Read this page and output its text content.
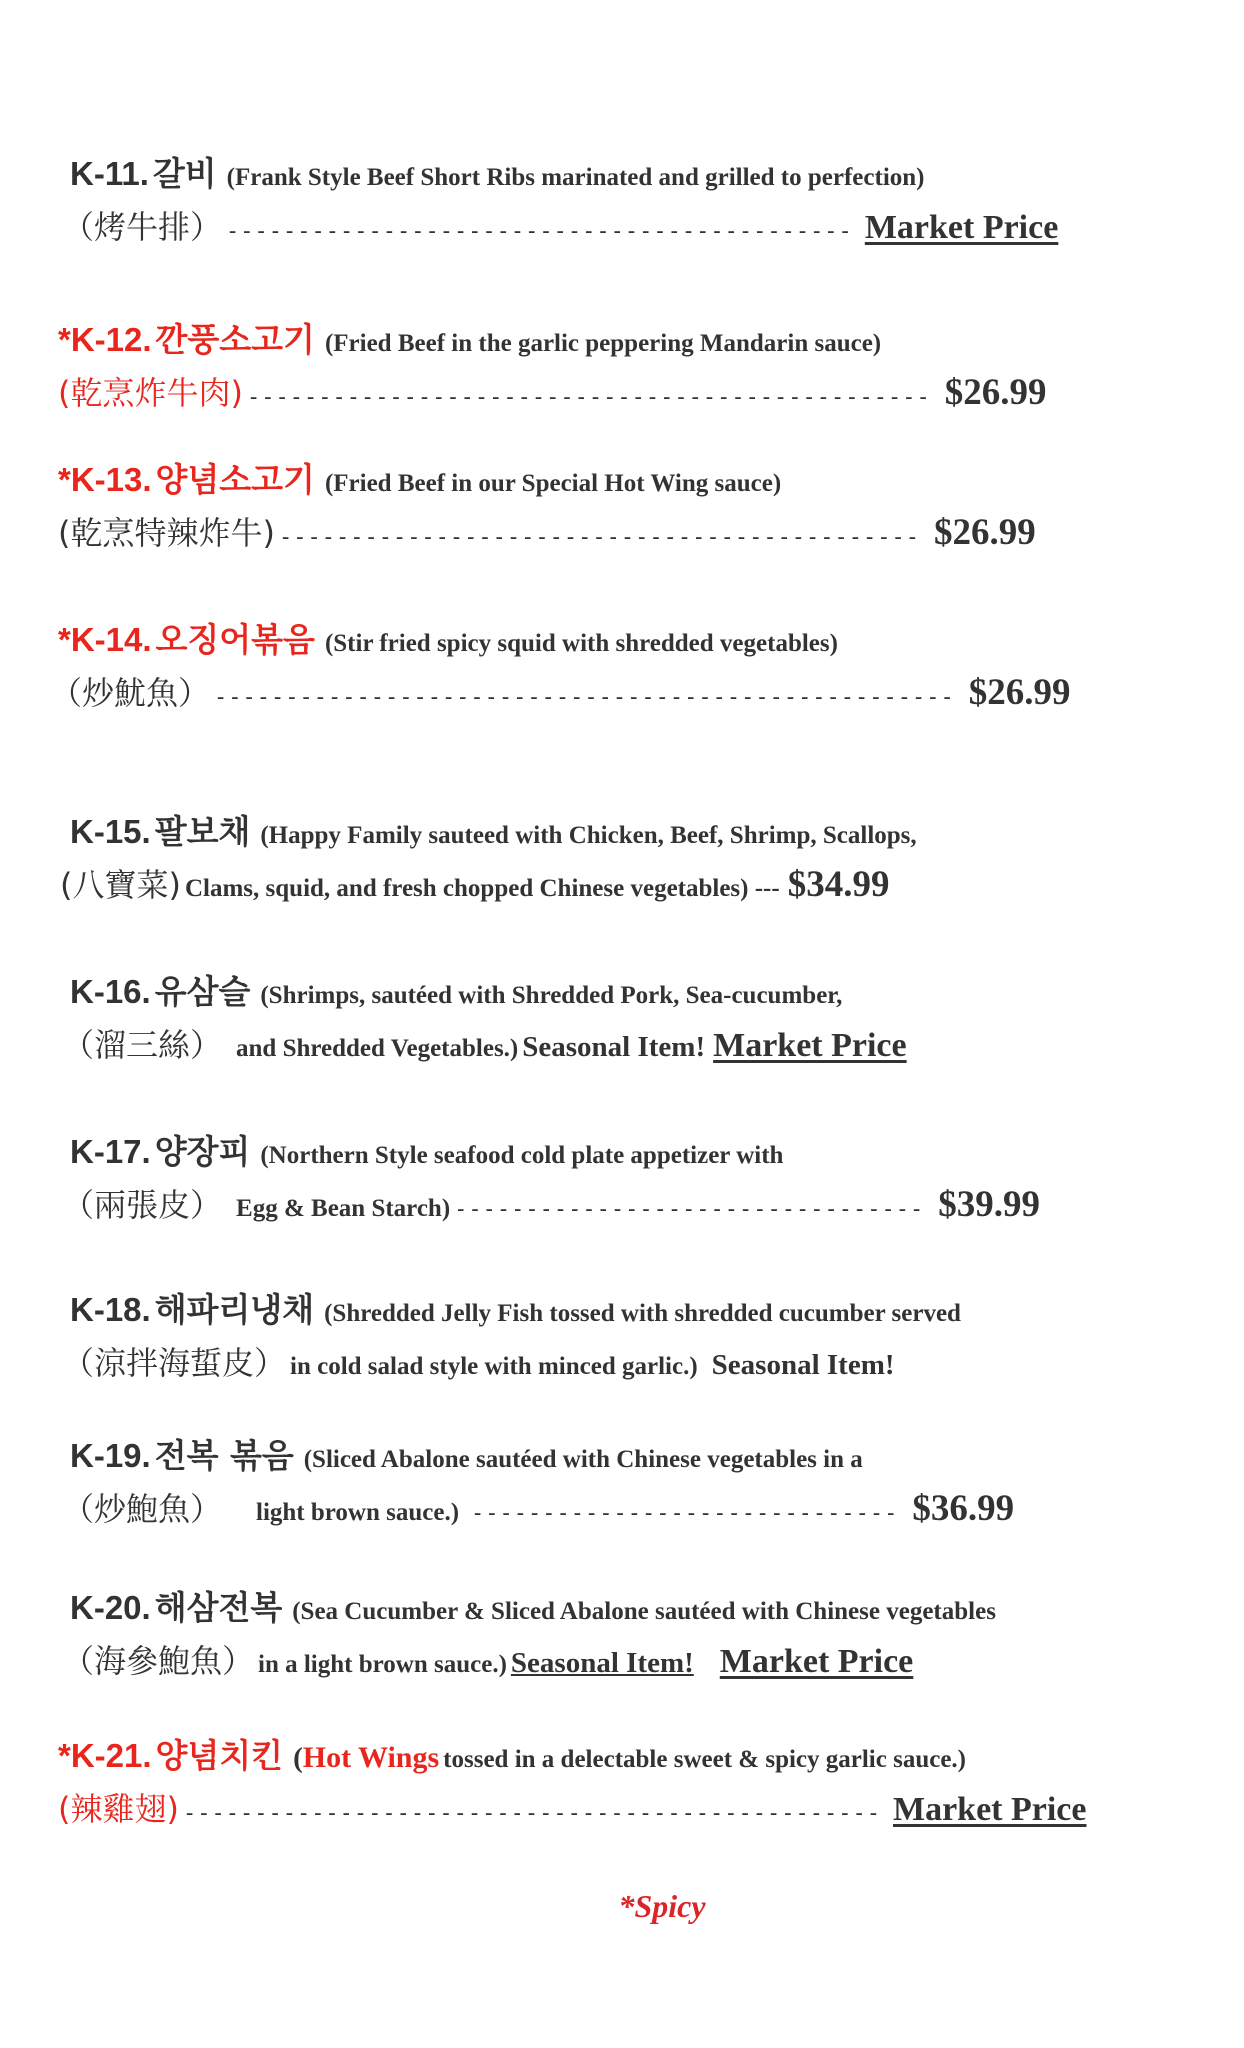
K-11. 갈비 (Frank Style Beef Short Ribs marinated and grilled to perfection)
（烤牛排） -------------------------------------------- Market Price
*K-12. 깐풍소고기 (Fried Beef in the garlic peppering Mandarin sauce)
(乾烹炸牛肉) ------------------------------------------------ $26.99
*K-13. 양념소고기 (Fried Beef in our Special Hot Wing sauce)
(乾烹特辣炸牛) --------------------------------------------- $26.99
*K-14. 오징어볶음 (Stir fried spicy squid with shredded vegetables)
（炒魷魚） ---------------------------------------------------- $26.99
K-15. 팔보채 (Happy Family sauteed with Chicken, Beef, Shrimp, Scallops,
(八寶菜) Clams, squid, and fresh chopped Chinese vegetables) --- $34.99
K-16. 유삼슬 (Shrimps, sautéed with Shredded Pork, Sea-cucumber,
（溜三絲） and Shredded Vegetables.) Seasonal Item! Market Price
K-17. 양장피 (Northern Style seafood cold plate appetizer with
（兩張皮） Egg & Bean Starch) --------------------------------- $39.99
K-18. 해파리냉채 (Shredded Jelly Fish tossed with shredded cucumber served
（涼拌海蜇皮） in cold salad style with minced garlic.) Seasonal Item!
K-19. 전복 볶음 (Sliced Abalone sautéed with Chinese vegetables in a
（炒鮑魚） light brown sauce.) ------------------------------ $36.99
K-20. 해삼전복 (Sea Cucumber & Sliced Abalone sautéed with Chinese vegetables
（海參鮑魚） in a light brown sauce.) Seasonal Item! Market Price
*K-21. 양념치킨 (Hot Wings tossed in a delectable sweet & spicy garlic sauce.)
(辣雞翅) ------------------------------------------------- Market Price
*Spicy
